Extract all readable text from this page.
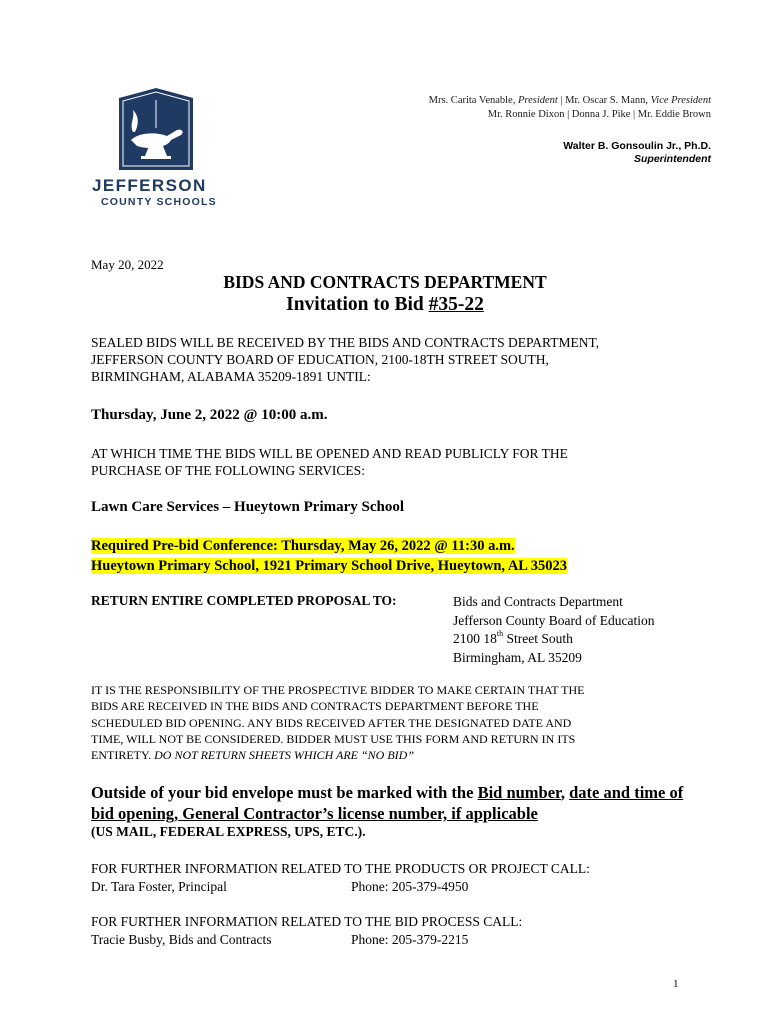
JEFFERSON
COUNTY SCHOOLS
Mrs. Carita Venable, President | Mr. Oscar S. Mann, Vice President
Mr. Ronnie Dixon | Donna J. Pike | Mr. Eddie Brown
Walter B. Gonsoulin Jr., Ph.D.
Superintendent
May 20, 2022
BIDS AND CONTRACTS DEPARTMENT
Invitation to Bid #35-22
SEALED BIDS WILL BE RECEIVED BY THE BIDS AND CONTRACTS DEPARTMENT,
JEFFERSON COUNTY BOARD OF EDUCATION, 2100-18TH STREET SOUTH,
BIRMINGHAM, ALABAMA 35209-1891 UNTIL:
Thursday, June 2, 2022 @ 10:00 a.m.
AT WHICH TIME THE BIDS WILL BE OPENED AND READ PUBLICLY FOR THE
PURCHASE OF THE FOLLOWING SERVICES:
Lawn Care Services – Hueytown Primary School
Required Pre-bid Conference: Thursday, May 26, 2022 @ 11:30 a.m.
Hueytown Primary School, 1921 Primary School Drive, Hueytown, AL 35023
RETURN ENTIRE COMPLETED PROPOSAL TO:	Bids and Contracts Department
Jefferson County Board of Education
2100 18th Street South
Birmingham, AL 35209
IT IS THE RESPONSIBILITY OF THE PROSPECTIVE BIDDER TO MAKE CERTAIN THAT THE
BIDS ARE RECEIVED IN THE BIDS AND CONTRACTS DEPARTMENT BEFORE THE
SCHEDULED BID OPENING. ANY BIDS RECEIVED AFTER THE DESIGNATED DATE AND
TIME, WILL NOT BE CONSIDERED. BIDDER MUST USE THIS FORM AND RETURN IN ITS
ENTIRETY. DO NOT RETURN SHEETS WHICH ARE “NO BID”
Outside of your bid envelope must be marked with the Bid number, date and time of bid opening, General Contractor’s license number, if applicable
(US MAIL, FEDERAL EXPRESS, UPS, ETC.).
FOR FURTHER INFORMATION RELATED TO THE PRODUCTS OR PROJECT CALL:
Dr. Tara Foster, Principal	Phone: 205-379-4950
FOR FURTHER INFORMATION RELATED TO THE BID PROCESS CALL:
Tracie Busby, Bids and Contracts	Phone: 205-379-2215
1
